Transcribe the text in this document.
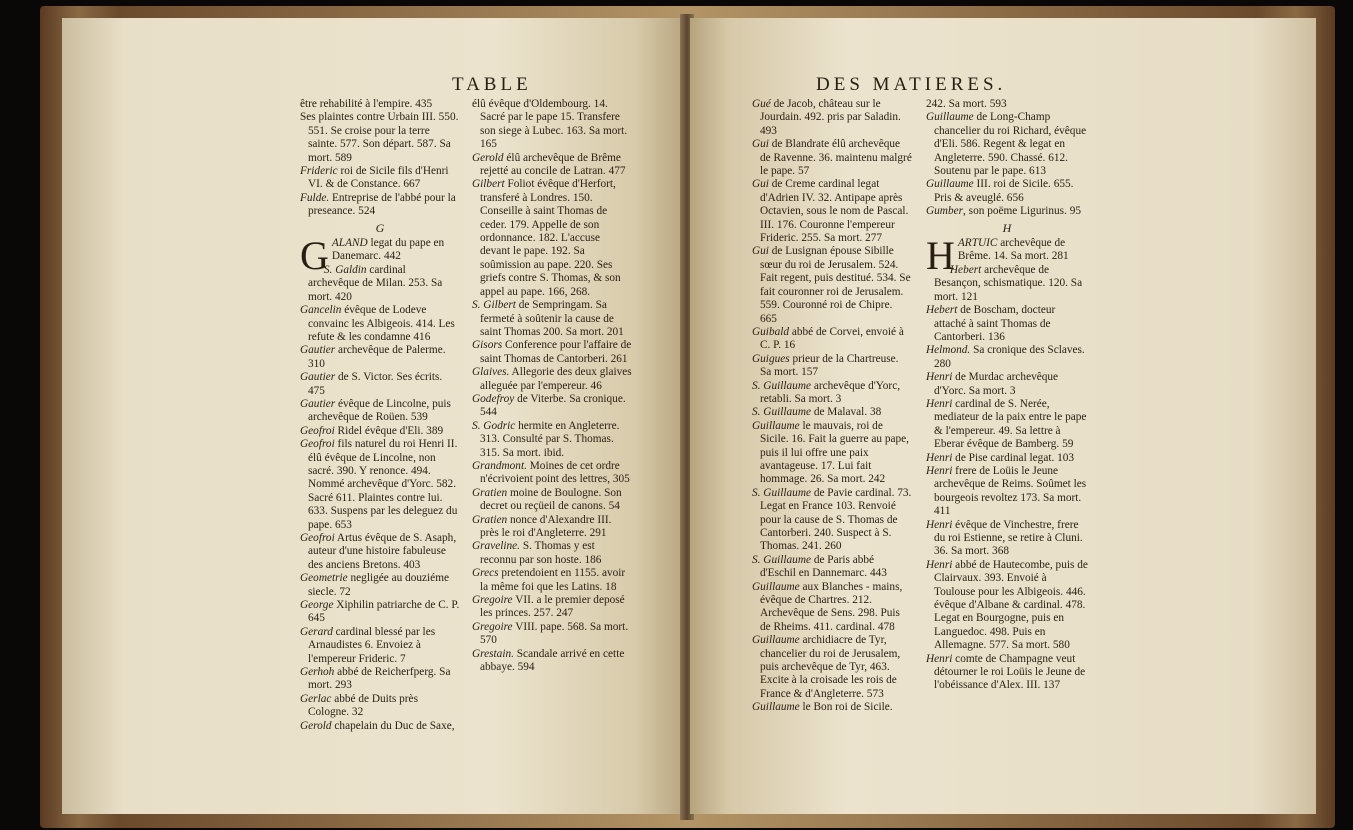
TABLE

être rehabilité à l'empire. 435

Ses plaintes contre Urbain III. 550. 551. Se croise pour la terre sainte. 577. Son départ. 587. Sa mort. 589

Frideric roi de Sicile fils d'Henri VI. & de Constance. 667

Fulde. Entreprise de l'abbé pour la preseance. 524

G

GALAND legat du pape en Danemarc. 442

S. Galdin cardinal archevêque de Milan. 253. Sa mort. 420

Gancelin évêque de Lodeve convainc les Albigeois. 414. Les refute & les condamne 416

Gautier archevêque de Palerme. 310

Gautier de S. Victor. Ses écrits. 475

Gautier évêque de Lincolne, puis archevêque de Roüen. 539

Geofroi Ridel évêque d'Eli. 389

Geofroi fils naturel du roi Henri II. élû évêque de Lincolne, non sacré. 390. Y renonce. 494. Nommé archevêque d'Yorc. 582. Sacré 611. Plaintes contre lui. 633. Suspens par les deleguez du pape. 653

Geofroi Artus évêque de S. Asaph, auteur d'une histoire fabuleuse des anciens Bretons. 403

Geometrie negligée au douziéme siecle. 72

George Xiphilin patriarche de C. P. 645

Gerard cardinal blessé par les Arnaudistes 6. Envoiez à l'empereur Frideric. 7

Gerhoh abbé de Reicherfperg. Sa mort. 293

Gerlac abbé de Duits près Cologne. 32

Gerold chapelain du Duc de Saxe,

élû évêque d'Oldembourg. 14. Sacré par le pape 15. Transfere son siege à Lubec. 163. Sa mort. 165

Gerold élû archevêque de Brême rejetté au concile de Latran. 477

Gilbert Foliot évêque d'Herfort, transferé à Londres. 150. Conseille à saint Thomas de ceder. 179. Appelle de son ordonnance. 182. L'accuse devant le pape. 192. Sa soûmission au pape. 220. Ses griefs contre S. Thomas, & son appel au pape. 166, 268.

S. Gilbert de Sempringam. Sa fermeté à soûtenir la cause de saint Thomas 200. Sa mort. 201

Gisors Conference pour l'affaire de saint Thomas de Cantorberi. 261

Glaives. Allegorie des deux glaives alleguée par l'empereur. 46

Godefroy de Viterbe. Sa cronique. 544

S. Godric hermite en Angleterre. 313. Consulté par S. Thomas. 315. Sa mort. ibid.

Grandmont. Moines de cet ordre n'écrivoient point des lettres, 305

Gratien moine de Boulogne. Son decret ou reçüeil de canons. 54

Gratien nonce d'Alexandre III. près le roi d'Angleterre. 291

Graveline. S. Thomas y est reconnu par son hoste. 186

Grecs pretendoient en 1155. avoir la même foi que les Latins. 18

Gregoire VII. a le premier deposé les princes. 257. 247

Gregoire VIII. pape. 568. Sa mort. 570

Grestain. Scandale arrivé en cette abbaye. 594

DES MATIERES.

Gué de Jacob, château sur le Jourdain. 492. pris par Saladin. 493

Gui de Blandrate élû archevêque de Ravenne. 36. maintenu malgré le pape. 57

Gui de Creme cardinal legat d'Adrien IV. 32. Antipape après Octavien, sous le nom de Pascal. III. 176. Couronne l'empereur Frideric. 255. Sa mort. 277

Gui de Lusignan épouse Sibille sœur du roi de Jerusalem. 524. Fait regent, puis destitué. 534. Se fait couronner roi de Jerusalem. 559. Couronné roi de Chipre. 665

Guibald abbé de Corvei, envoié à C. P. 16

Guigues prieur de la Chartreuse. Sa mort. 157

S. Guillaume archevêque d'Yorc, retabli. Sa mort. 3

S. Guillaume de Malaval. 38

Guillaume le mauvais, roi de Sicile. 16. Fait la guerre au pape, puis il lui offre une paix avantageuse. 17. Lui fait hommage. 26. Sa mort. 242

S. Guillaume de Pavie cardinal. 73. Legat en France 103. Renvoié pour la cause de S. Thomas de Cantorberi. 240. Suspect à S. Thomas. 241. 260

S. Guillaume de Paris abbé d'Eschil en Dannemarc. 443

Guillaume aux Blanches - mains, évêque de Chartres. 212. Archevêque de Sens. 298. Puis de Rheims. 411. cardinal. 478

Guillaume archidiacre de Tyr, chancelier du roi de Jerusalem, puis archevêque de Tyr, 463. Excite à la croisade les rois de France & d'Angleterre. 573

Guillaume le Bon roi de Sicile.

242. Sa mort. 593

Guillaume de Long-Champ chancelier du roi Richard, évêque d'Eli. 586. Regent & legat en Angleterre. 590. Chassé. 612. Soutenu par le pape. 613

Guillaume III. roi de Sicile. 655. Pris & aveuglé. 656

Gumber, son poëme Ligurinus. 95

H

HARTUIC archevêque de Brême. 14. Sa mort. 281

Hebert archevêque de Besançon, schismatique. 120. Sa mort. 121

Hebert de Boscham, docteur attaché à saint Thomas de Cantorberi. 136

Helmond. Sa cronique des Sclaves. 280

Henri de Murdac archevêque d'Yorc. Sa mort. 3

Henri cardinal de S. Nerée, mediateur de la paix entre le pape & l'empereur. 49. Sa lettre à Eberar évêque de Bamberg. 59

Henri de Pise cardinal legat. 103

Henri frere de Loüis le Jeune archevêque de Reims. Soûmet les bourgeois revoltez 173. Sa mort. 411

Henri évêque de Vinchestre, frere du roi Estienne, se retire à Cluni. 36. Sa mort. 368

Henri abbé de Hautecombe, puis de Clairvaux. 393. Envoié à Toulouse pour les Albigeois. 446. évêque d'Albane & cardinal. 478. Legat en Bourgogne, puis en Languedoc. 498. Puis en Allemagne. 577. Sa mort. 580

Henri comte de Champagne veut détourner le roi Loüis le Jeune de l'obéissance d'Alex. III. 137
